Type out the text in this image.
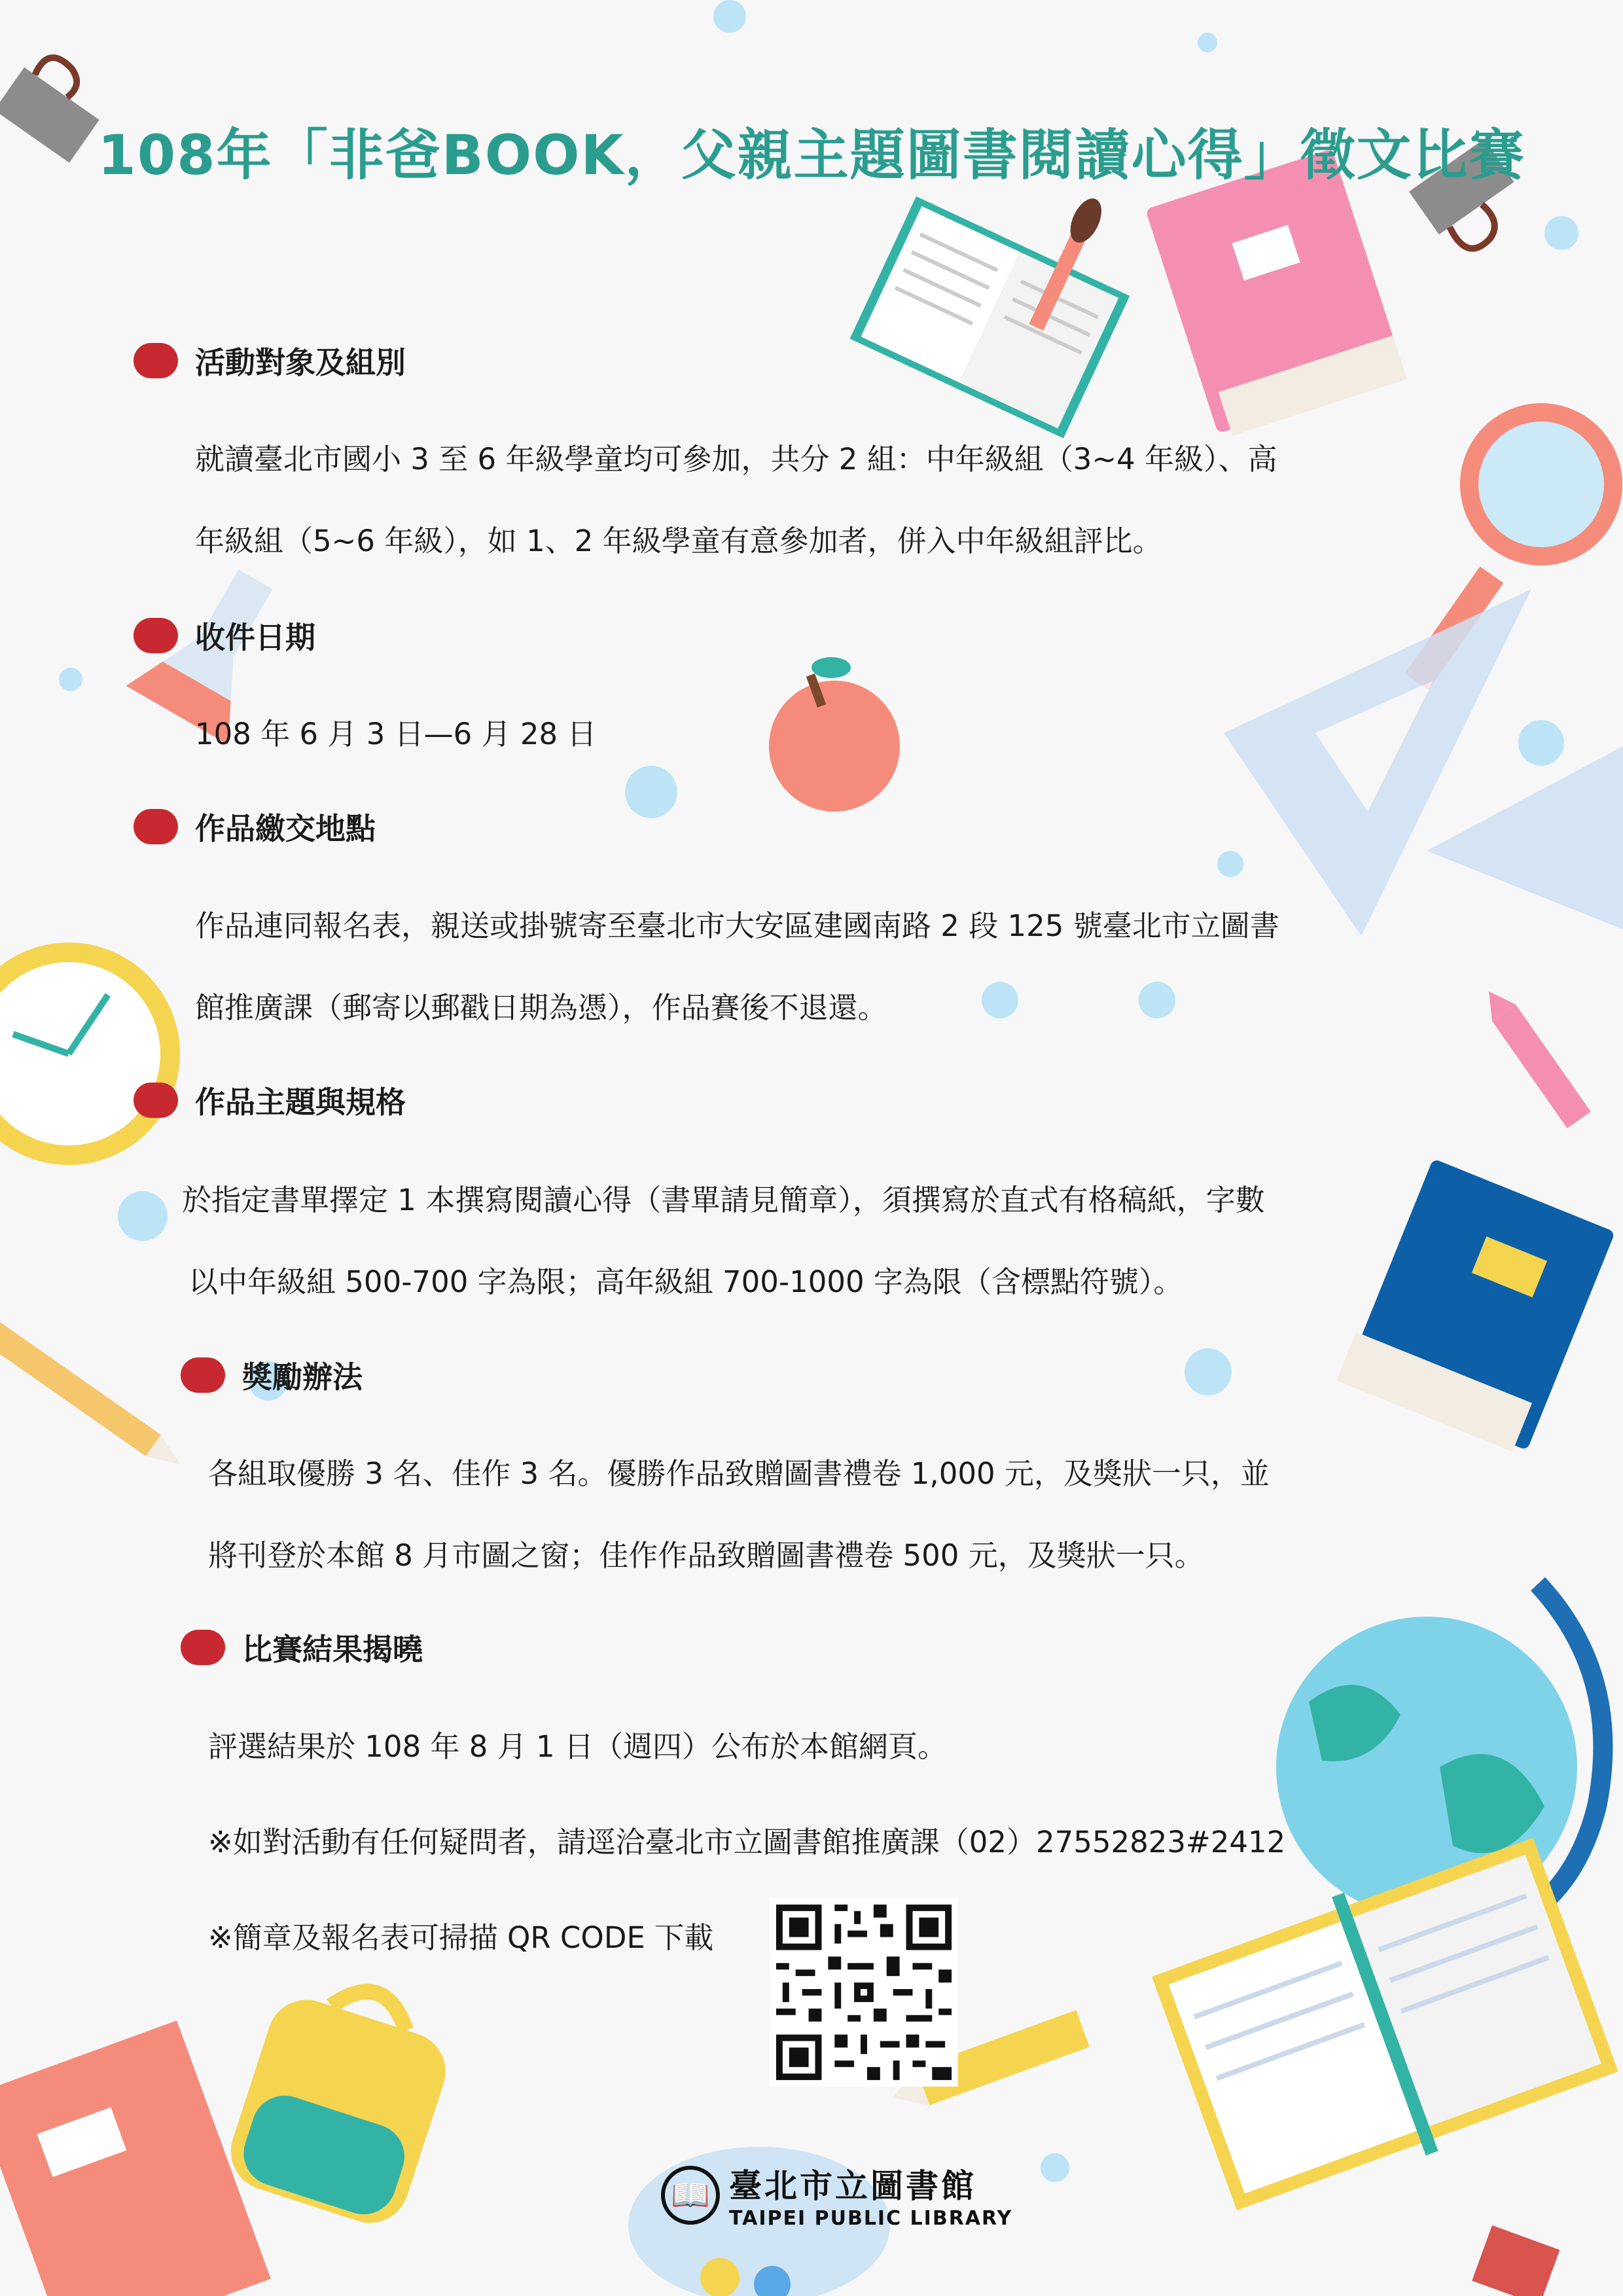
108年「非爸BOOK，父親主題圖書閱讀心得」徵文比賽
活動對象及組別
就讀臺北市國小 3 至 6 年級學童均可參加，共分 2 組：中年級組（3~4 年級）、高
年級組（5~6 年級），如 1、2 年級學童有意參加者，併入中年級組評比。
收件日期
108 年 6 月 3 日—6 月 28 日
作品繳交地點
作品連同報名表，親送或掛號寄至臺北市大安區建國南路 2 段 125 號臺北市立圖書
館推廣課（郵寄以郵戳日期為憑），作品賽後不退還。
作品主題與規格
於指定書單擇定 1 本撰寫閱讀心得（書單請見簡章），須撰寫於直式有格稿紙，字數
以中年級組 500-700 字為限；高年級組 700-1000 字為限（含標點符號）。
獎勵辦法
各組取優勝 3 名、佳作 3 名。優勝作品致贈圖書禮卷 1,000 元，及獎狀一只，並
將刊登於本館 8 月市圖之窗；佳作作品致贈圖書禮卷 500 元，及獎狀一只。
比賽結果揭曉
評選結果於 108 年 8 月 1 日（週四）公布於本館網頁。
※如對活動有任何疑問者，請逕洽臺北市立圖書館推廣課（02）27552823#2412
※簡章及報名表可掃描 QR CODE 下載
📖 臺北市立圖書館
TAIPEI PUBLIC LIBRARY
